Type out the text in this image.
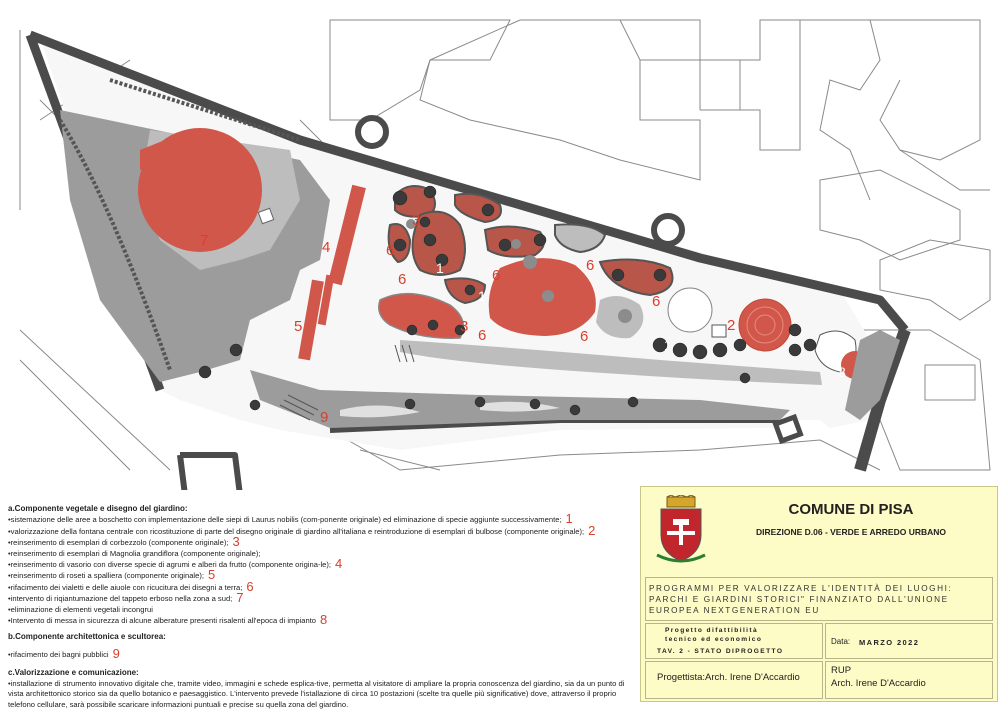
7	4
5
6
6
1
1
6
6
6
6
1
3
3
6
2
8
9

a.Componente vegetale e disegno del giardino:

•sistemazione delle aree a boschetto con implementazione delle siepi di Laurus nobilis (com-ponente originale) ed eliminazione di specie aggiunte successivamente; 1
•valorizzazione della fontana centrale con ricostituzione di parte del disegno originale di giardino all'italiana e reintroduzione di esemplari di bulbose (componente originale); 2
•reinserimento di esemplari di corbezzolo (componente originale); 3
•reinserimento di esemplari di Magnolia grandiflora (componente originale);
•reinserimento di vasorio con diverse specie di agrumi e alberi da frutto (componente origina-le); 4
•reinserimento di roseti a spalliera (componente originale); 5
•rifacimento dei vialetti e delle aiuole con ricucitura dei disegni a terra; 6
•intervento di riqiantumazione del tappeto erboso nella zona a sud; 7
•eliminazione di elementi vegetali incongrui
•Intervento di messa in sicurezza di alcune alberature presenti risalenti all'epoca di impianto 8

b.Componente architettonica e scultorea:

•rifacimento dei bagni pubblici 9

c.Valorizzazione e comunicazione:

•installazione di strumento innovativo digitale che, tramite video, immagini e schede esplica-tive, permetta al visitatore di ampliare la propria conoscenza del giardino, sia da un punto di vista architettonico storico sia da quello botanico e paesaggistico. L'intervento prevede l'istallazione di circa 10 postazioni (scelte tra quelle più significative) dove, attraverso il proprio telefono cellulare, sarà possibile scaricare informazioni puntuali e precise su quella zona del giardino.
COMUNE DI PISA
DIREZIONE D.06 - VERDE E ARREDO URBANO
PROGRAMMI PER VALORIZZARE L'IDENTITÀ DEI LUOGHI: PARCHI E GIARDINI STORICI" FINANZIATO DALL'UNIONE EUROPEA NEXTGENERATION EU
Progetto difattibilità
tecnico ed economico
TAV. 2 - STATO DIPROGETTO
Data: MARZO 2022
Progettista:Arch. Irene D'Accardio
RUP
Arch. Irene D'Accardio
